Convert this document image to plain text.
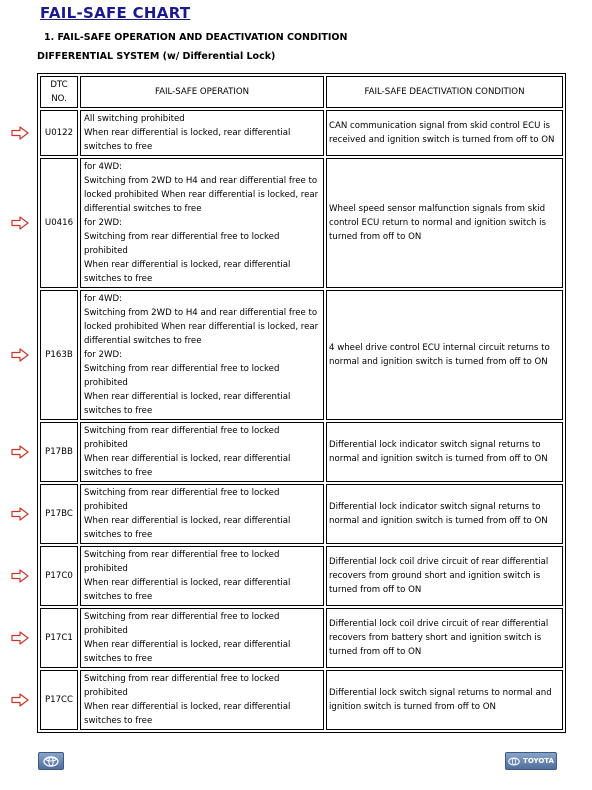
FAIL-SAFE CHART
1. FAIL-SAFE OPERATION AND DEACTIVATION CONDITION
DIFFERENTIAL SYSTEM (w/ Differential Lock)
DTC
NO.	FAIL-SAFE OPERATION	FAIL-SAFE DEACTIVATION CONDITION
U0122	All switching prohibited
When rear differential is locked, rear differential switches to free	CAN communication signal from skid control ECU is received and ignition switch is turned from off to ON
U0416	for 4WD:
Switching from 2WD to H4 and rear differential free to locked prohibited When rear differential is locked, rear differential switches to free
for 2WD:
Switching from rear differential free to locked prohibited
When rear differential is locked, rear differential switches to free	Wheel speed sensor malfunction signals from skid control ECU return to normal and ignition switch is turned from off to ON
P163B	for 4WD:
Switching from 2WD to H4 and rear differential free to locked prohibited When rear differential is locked, rear differential switches to free
for 2WD:
Switching from rear differential free to locked prohibited
When rear differential is locked, rear differential switches to free	4 wheel drive control ECU internal circuit returns to normal and ignition switch is turned from off to ON
P17BB	Switching from rear differential free to locked prohibited
When rear differential is locked, rear differential switches to free	Differential lock indicator switch signal returns to normal and ignition switch is turned from off to ON
P17BC	Switching from rear differential free to locked prohibited
When rear differential is locked, rear differential switches to free	Differential lock indicator switch signal returns to normal and ignition switch is turned from off to ON
P17C0	Switching from rear differential free to locked prohibited
When rear differential is locked, rear differential switches to free	Differential lock coil drive circuit of rear differential recovers from ground short and ignition switch is turned from off to ON
P17C1	Switching from rear differential free to locked prohibited
When rear differential is locked, rear differential switches to free	Differential lock coil drive circuit of rear differential recovers from battery short and ignition switch is turned from off to ON
P17CC	Switching from rear differential free to locked prohibited
When rear differential is locked, rear differential switches to free	Differential lock switch signal returns to normal and ignition switch is turned from off to ON
TOYOTA
